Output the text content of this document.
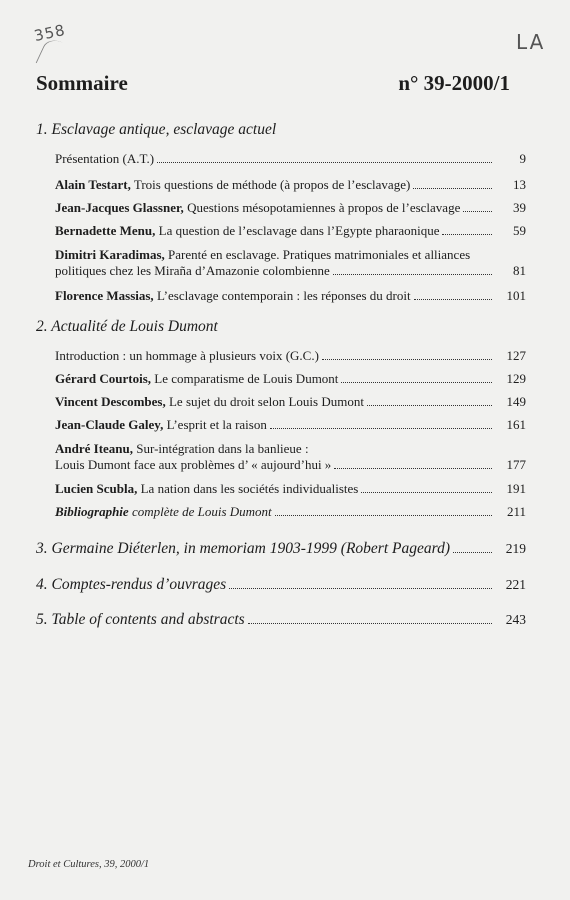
358	LA
Sommaire	n° 39-2000/1
1. Esclavage antique, esclavage actuel
Présentation (A.T.)	9
Alain Testart, Trois questions de méthode (à propos de l’esclavage)	13
Jean-Jacques Glassner, Questions mésopotamiennes à propos de l’esclavage	39
Bernadette Menu, La question de l’esclavage dans l’Egypte pharaonique	59
Dimitri Karadimas, Parenté en esclavage. Pratiques matrimoniales et alliances
politiques chez les Miraña d’Amazonie colombienne	81
Florence Massias, L’esclavage contemporain : les réponses du droit	101
2. Actualité de Louis Dumont
Introduction : un hommage à plusieurs voix (G.C.)	127
Gérard Courtois, Le comparatisme de Louis Dumont	129
Vincent Descombes, Le sujet du droit selon Louis Dumont	149
Jean-Claude Galey, L’esprit et la raison	161
André Iteanu, Sur-intégration dans la banlieue :
Louis Dumont face aux problèmes d’ « aujourd’hui »	177
Lucien Scubla, La nation dans les sociétés individualistes	191
Bibliographie complète de Louis Dumont	211
3. Germaine Diéterlen, in memoriam 1903-1999 (Robert Pageard)	219
4. Comptes-rendus d’ouvrages	221
5. Table of contents and abstracts	243
Droit et Cultures, 39, 2000/1
